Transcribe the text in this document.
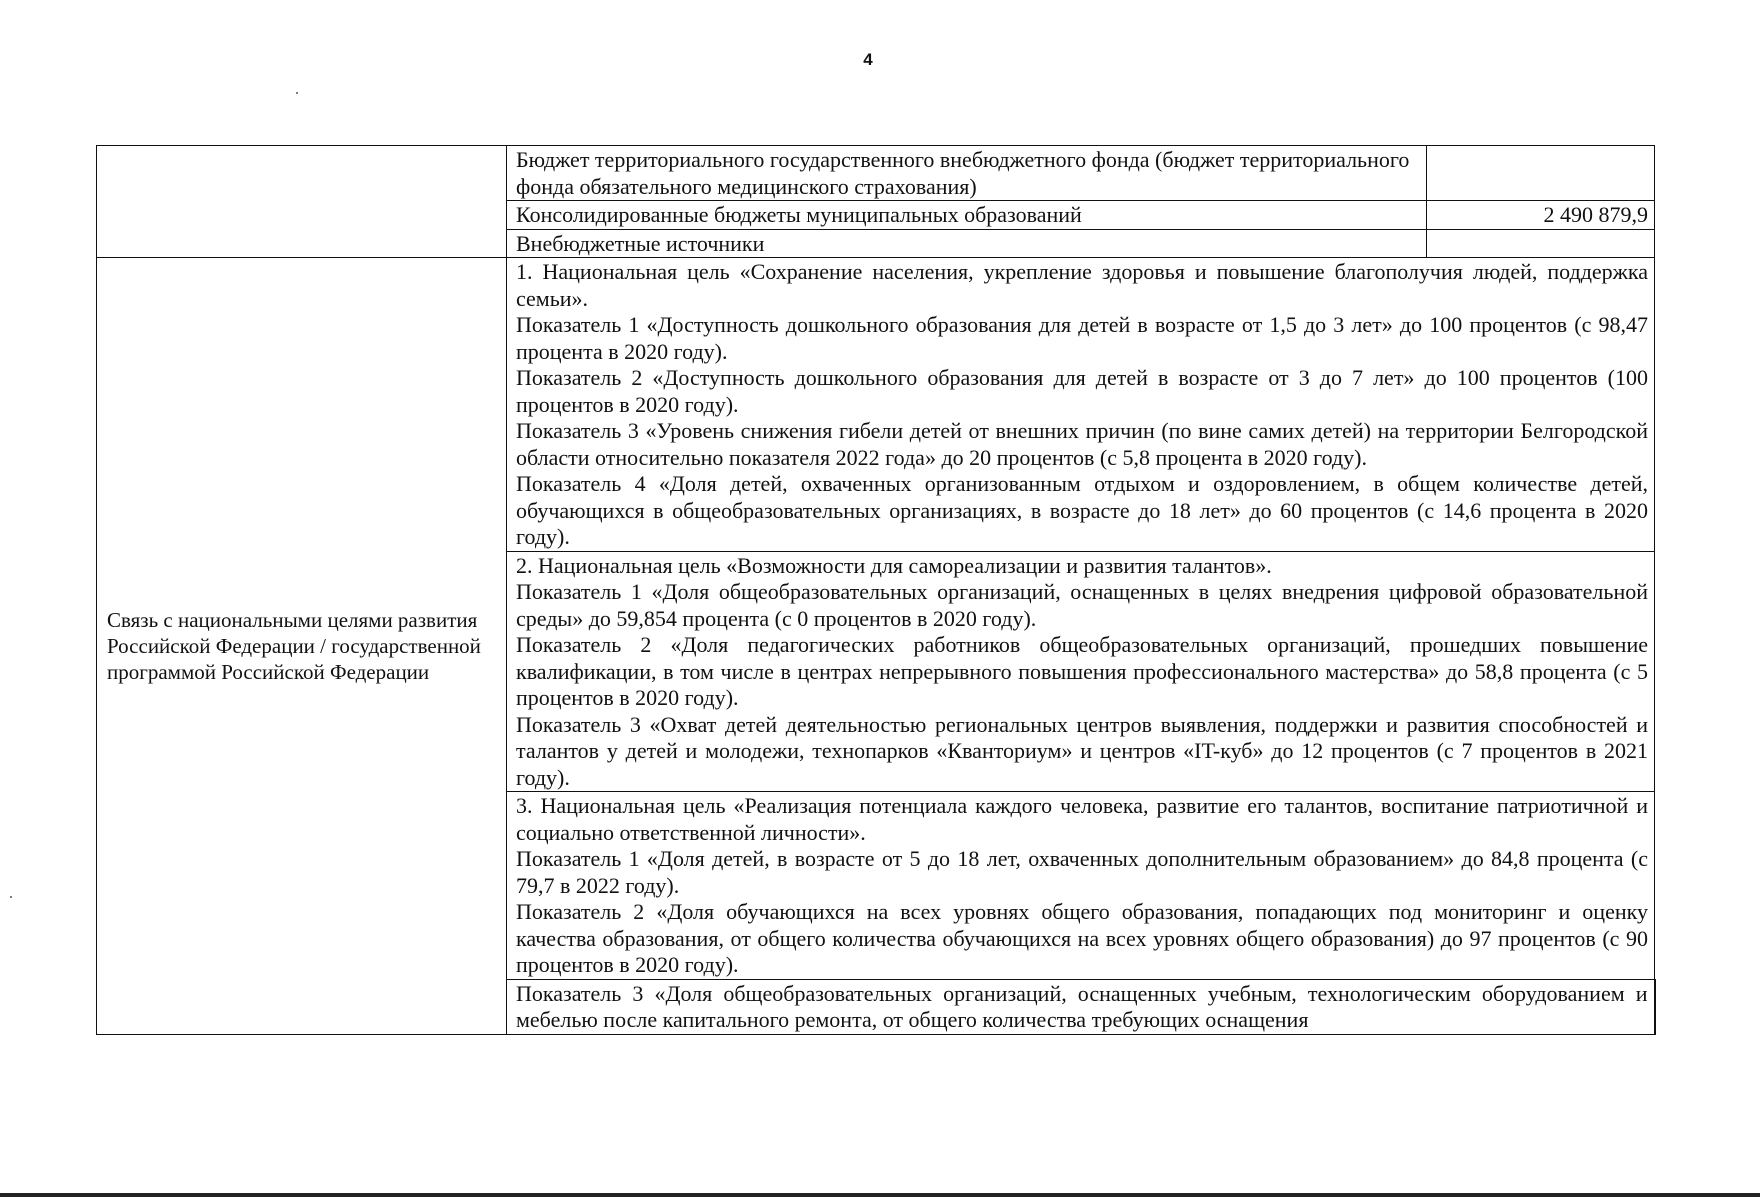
4
	Бюджет территориального государственного внебюджетного фонда (бюджет территориального фонда обязательного медицинского страхования)	
	Консолидированные бюджеты муниципальных образований	2 490 879,9
	Внебюджетные источники	
Связь с национальными целями развития Российской Федерации / государственной программой Российской Федерации	1. Национальная цель «Сохранение населения, укрепление здоровья и повышение благополучия людей, поддержка семьи».

Показатель 1 «Доступность дошкольного образования для детей в возрасте от 1,5 до 3 лет» до 100 процентов (с 98,47 процента в 2020 году).

Показатель 2 «Доступность дошкольного образования для детей в возрасте от 3 до 7 лет» до 100 процентов (100 процентов в 2020 году).

Показатель 3 «Уровень снижения гибели детей от внешних причин (по вине самих детей) на территории Белгородской области относительно показателя 2022 года» до 20 процентов (с 5,8 процента в 2020 году).

Показатель 4 «Доля детей, охваченных организованным отдыхом и оздоровлением, в общем количестве детей, обучающихся в общеобразовательных организациях, в возрасте до 18 лет» до 60 процентов (с 14,6 процента в 2020 году).	

	2. Национальная цель «Возможности для самореализации и развития талантов».

Показатель 1 «Доля общеобразовательных организаций, оснащенных в целях внедрения цифровой образовательной среды» до 59,854 процента (с 0 процентов в 2020 году).

Показатель 2 «Доля педагогических работников общеобразовательных организаций, прошедших повышение квалификации, в том числе в центрах непрерывного повышения профессионального мастерства» до 58,8 процента (с 5 процентов в 2020 году).

Показатель 3 «Охват детей деятельностью региональных центров выявления, поддержки и развития способностей и талантов у детей и молодежи, технопарков «Кванториум» и центров «IT-куб» до 12 процентов (с 7 процентов в 2021 году).	

	3. Национальная цель «Реализация потенциала каждого человека, развитие его талантов, воспитание патриотичной и социально ответственной личности».

Показатель 1 «Доля детей, в возрасте от 5 до 18 лет, охваченных дополнительным образованием» до 84,8 процента (с 79,7 в 2022 году).

Показатель 2 «Доля обучающихся на всех уровнях общего образования, попадающих под мониторинг и оценку качества образования, от общего количества обучающихся на всех уровнях общего образования) до 97 процентов (с 90 процентов в 2020 году).	

	Показатель 3 «Доля общеобразовательных организаций, оснащенных учебным, технологическим оборудованием и мебелью после капитального ремонта, от общего количества требующих оснащения	
